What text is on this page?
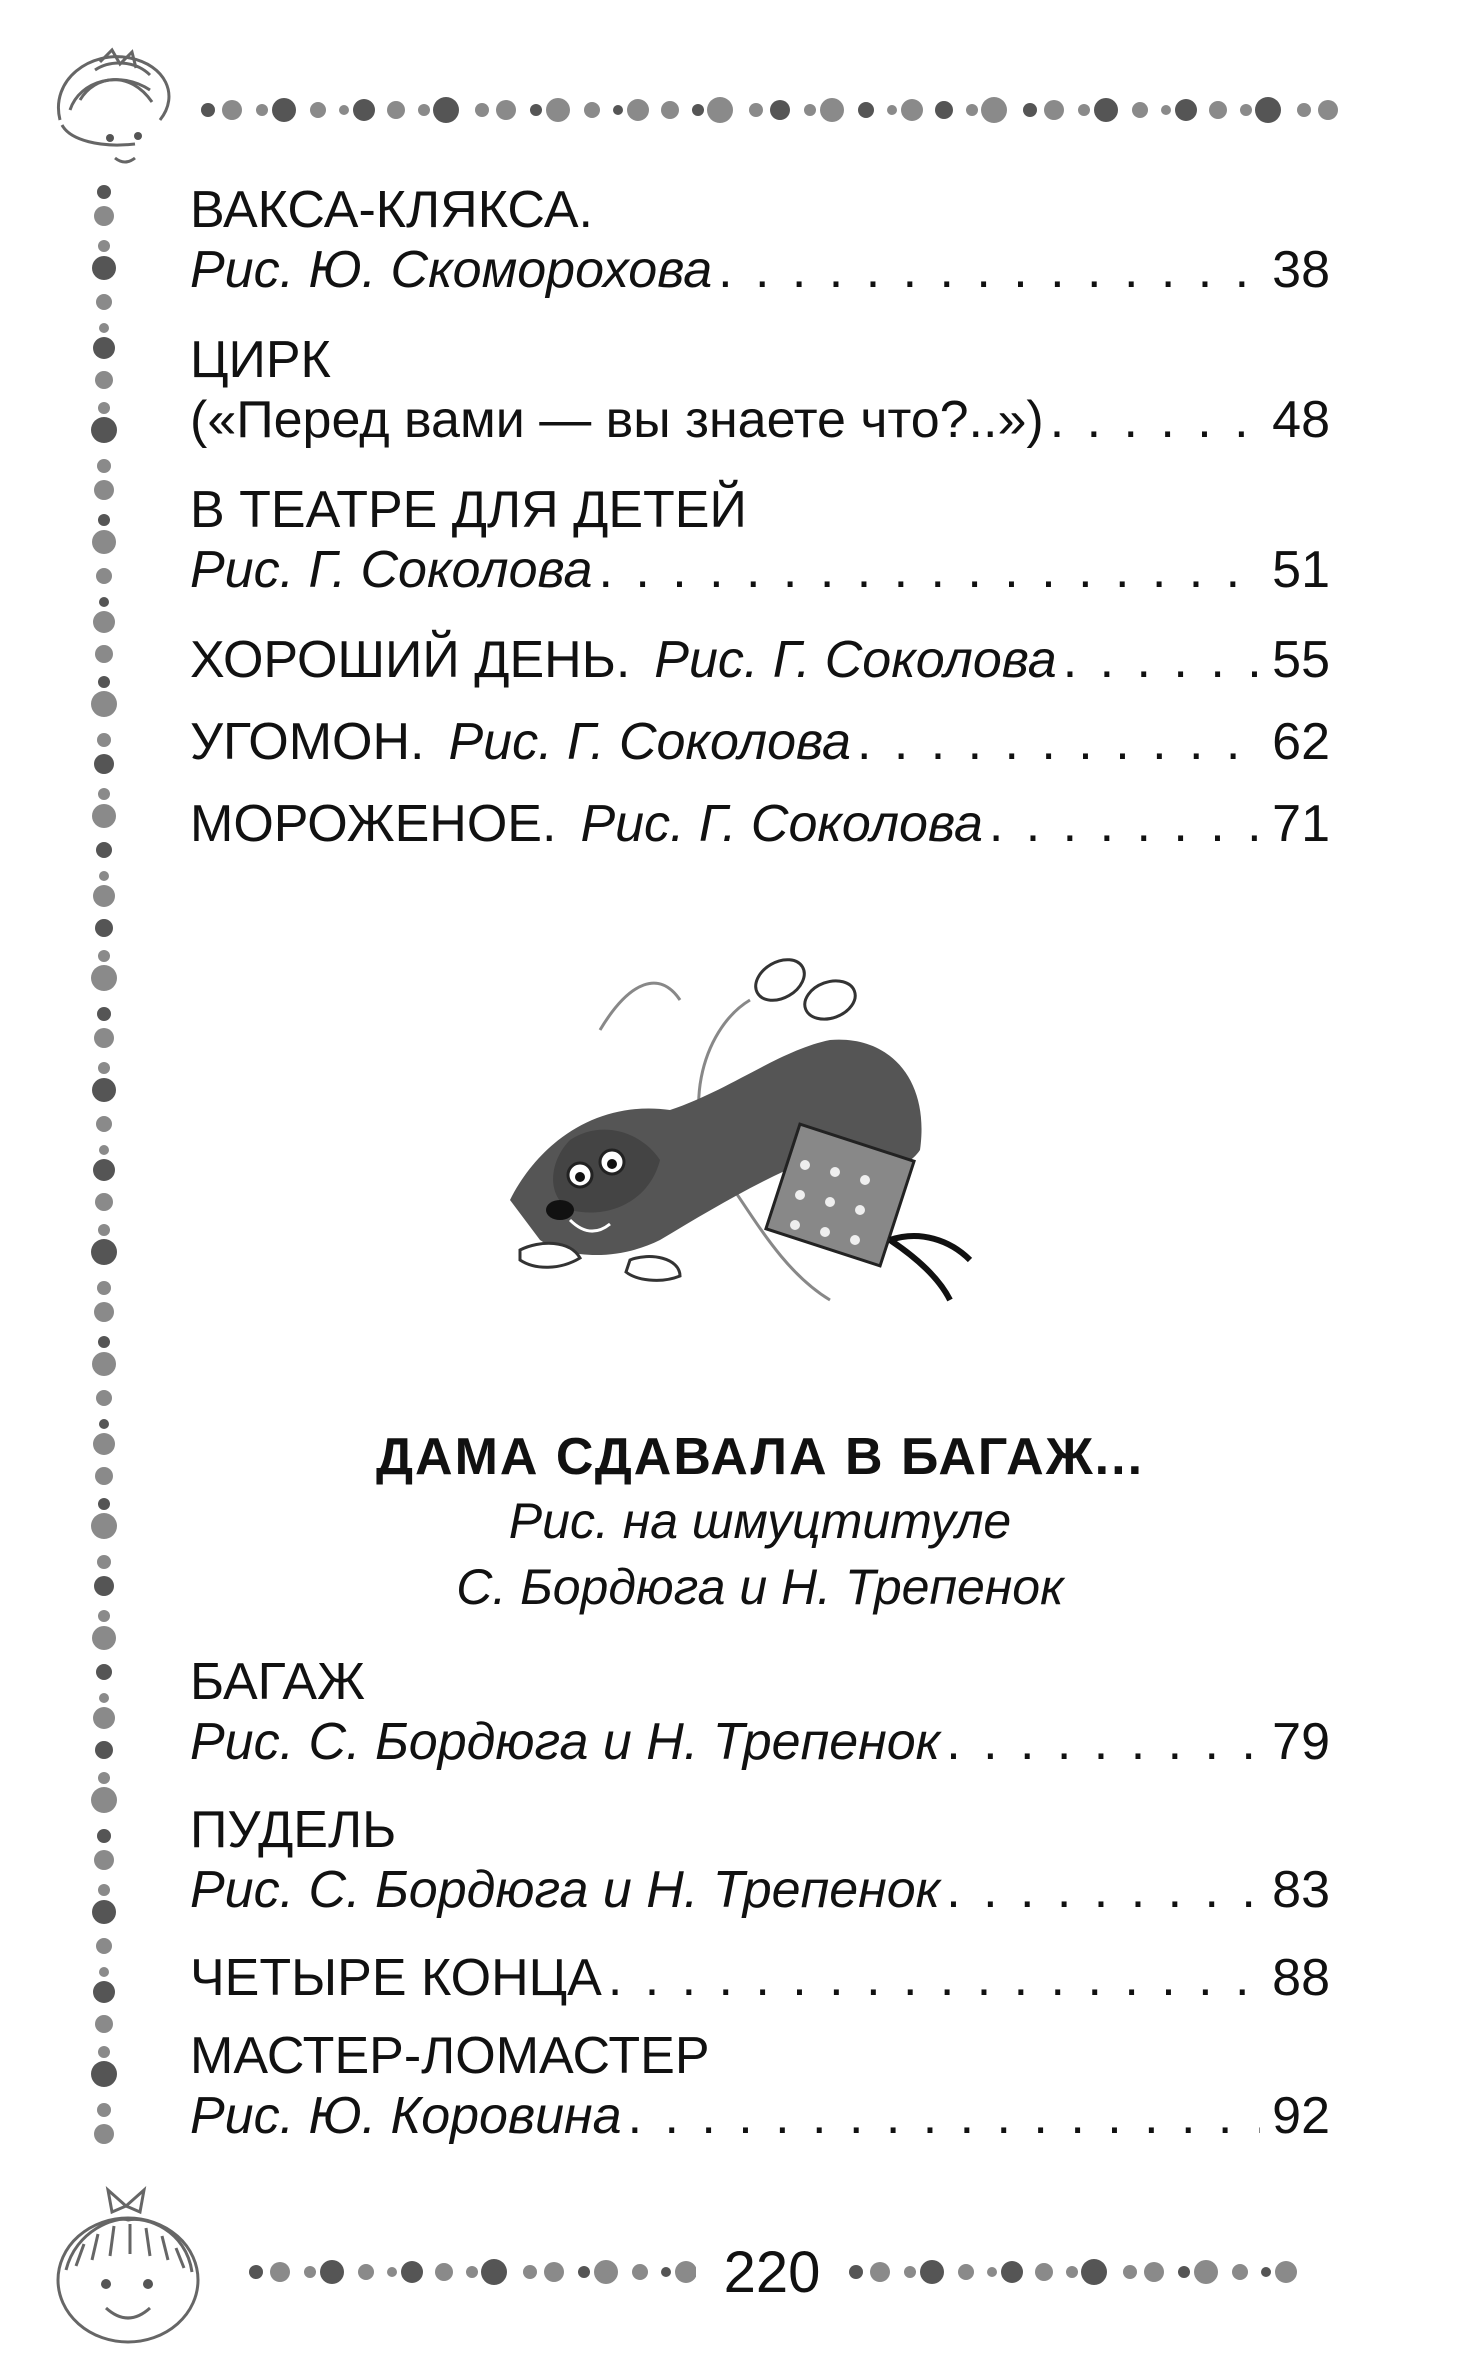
ВАКСА-КЛЯКСА.
Рис. Ю. Скоморохова . . .	38
ЦИРК
(«Перед вами — вы знаете что?..») . . .	48
В ТЕАТРЕ ДЛЯ ДЕТЕЙ
Рис. Г. Соколова . . .	51
ХОРОШИЙ ДЕНЬ. Рис. Г. Соколова . . .	55
УГОМОН. Рис. Г. Соколова . . .	62
МОРОЖЕНОЕ. Рис. Г. Соколова . . .	71
ДАМА СДАВАЛА В БАГАЖ...
Рис. на шмуцтитуле
С. Бордюга и Н. Трепенок
БАГАЖ
Рис. С. Бордюга и Н. Трепенок . . .	79
ПУДЕЛЬ
Рис. С. Бордюга и Н. Трепенок . . .	83
ЧЕТЫРЕ КОНЦА . . .	88
МАСТЕР-ЛОМАСТЕР
Рис. Ю. Коровина . . .	92
220
